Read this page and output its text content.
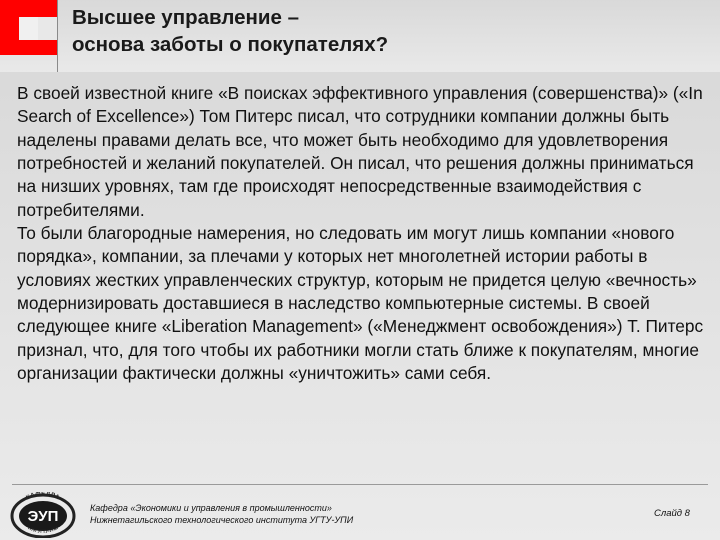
Высшее управление –
основа заботы о покупателях?

В своей известной книге «В поисках эффективного управления (совершенства)» («In Search of Excellence») Том Питерс писал, что сотрудники компании должны быть наделены правами делать все, что может быть необходимо для удовлетворения потребностей и желаний покупателей. Он писал, что решения должны приниматься на низших уровнях, там где происходят непосредственные взаимодействия с потребителями.

То были благородные намерения, но следовать им могут лишь компании «нового порядка», компании, за плечами у которых нет многолетней истории работы в условиях жестких управленческих структур, которым не придется целую «вечность» модернизировать доставшиеся в наследство компьютерные системы. В своей следующее книге «Liberation Management» («Менеджмент освобождения») Т. Питерс признал, что, для того чтобы их работники могли стать ближе к покупателям, многие организации фактически должны «уничтожить» сами себя.

КАФЕДРА
ЭУП
НТИ УГТУ-УПИ
Кафедра «Экономики и управления в промышленности»
Нижнетагильского технологического института УГТУ-УПИ
Слайд 8
